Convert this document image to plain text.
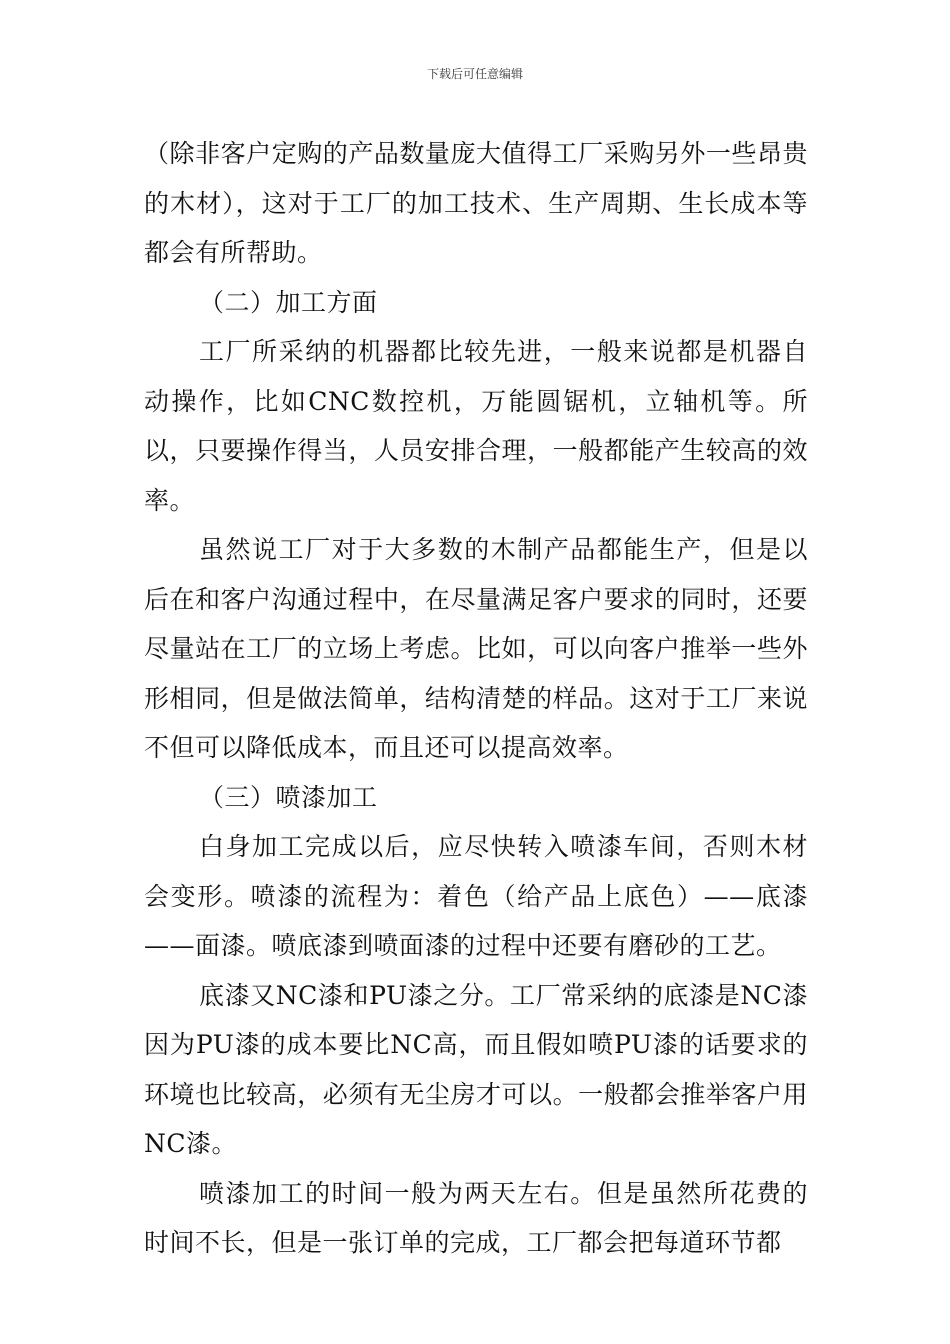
下载后可任意编辑

（除非客户定购的产品数量庞大值得工厂采购另外一些昂贵的木材），这对于工厂的加工技术、生产周期、生长成本等都会有所帮助。

（二）加工方面

工厂所采纳的机器都比较先进，一般来说都是机器自动操作，比如CNC数控机，万能圆锯机，立轴机等。所以，只要操作得当，人员安排合理，一般都能产生较高的效率。

虽然说工厂对于大多数的木制产品都能生产，但是以后在和客户沟通过程中，在尽量满足客户要求的同时，还要尽量站在工厂的立场上考虑。比如，可以向客户推举一些外形相同，但是做法简单，结构清楚的样品。这对于工厂来说不但可以降低成本，而且还可以提高效率。

（三）喷漆加工

白身加工完成以后，应尽快转入喷漆车间，否则木材会变形。喷漆的流程为：着色（给产品上底色）——底漆——面漆。喷底漆到喷面漆的过程中还要有磨砂的工艺。

底漆又NC漆和PU漆之分。工厂常采纳的底漆是NC漆因为PU漆的成本要比NC高，而且假如喷PU漆的话要求的环境也比较高，必须有无尘房才可以。一般都会推举客户用NC漆。

喷漆加工的时间一般为两天左右。但是虽然所花费的时间不长，但是一张订单的完成，工厂都会把每道环节都
